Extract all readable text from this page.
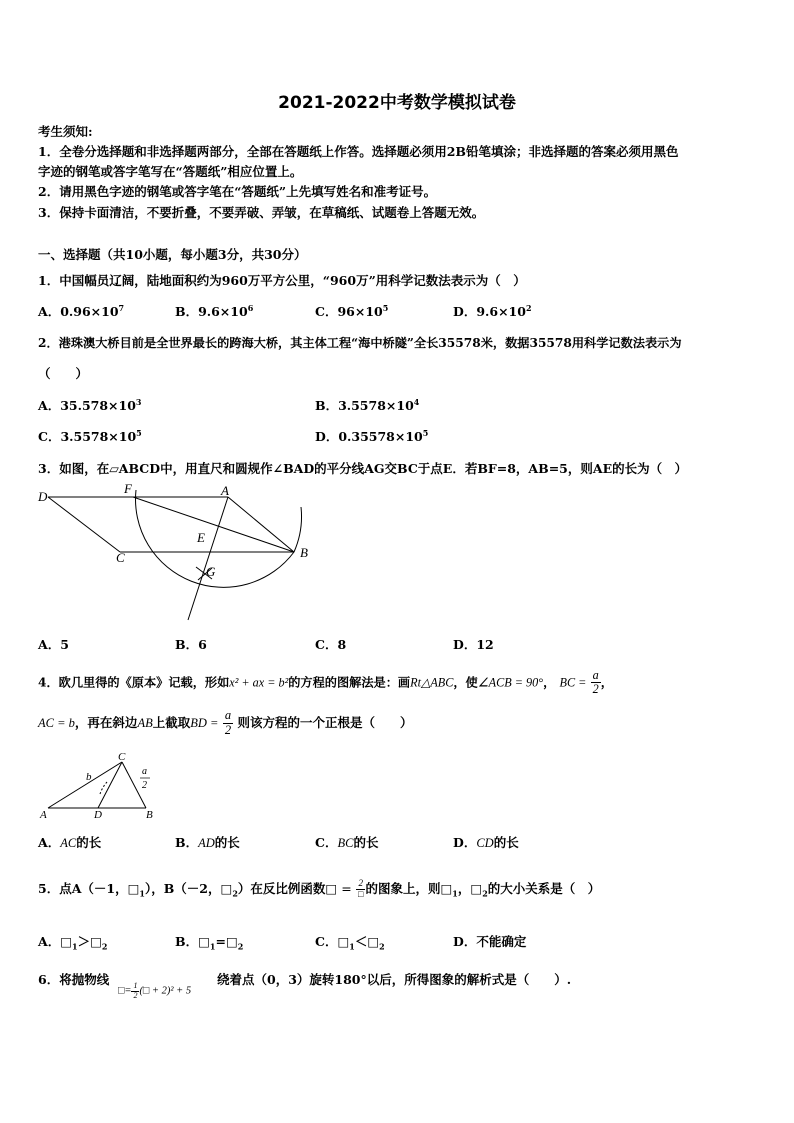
2021-2022中考数学模拟试卷
考生须知:
1．全卷分选择题和非选择题两部分，全部在答题纸上作答。选择题必须用2B铅笔填涂；非选择题的答案必须用黑色
字迹的钢笔或答字笔写在“答题纸”相应位置上。
2．请用黑色字迹的钢笔或答字笔在“答题纸”上先填写姓名和准考证号。
3．保持卡面清洁，不要折叠，不要弄破、弄皱，在草稿纸、试题卷上答题无效。
一、选择题（共10小题，每小题3分，共30分）
1．中国幅员辽阔，陆地面积约为960万平方公里，“960万”用科学记数法表示为（　）
A．$0.96\times 10^7$	B．$9.6\times 10^6$	C．$96\times 10^5$	D．$9.6\times 10^2$
2．港珠澳大桥目前是全世界最长的跨海大桥，其主体工程“海中桥隧”全长35578米，数据35578用科学记数法表示为
（　　）
A．$35.578\times 10^3$	B．$3.5578\times 10^4$
C．$3.5578\times 10^5$	D．$0.35578\times 10^5$
3．如图，在▱ABCD中，用直尺和圆规作∠BAD的平分线AG交BC于点E．若BF=8，AB=5，则AE的长为（　）
D
F	A
E
B
C
G
A．5	B．6	C．8	D．12
4．欧几里得的《原本》记载，形如x² + ax = b²的方程的图解法是：画Rt△ABC，使∠ACB = 90°， BC = $\frac{a}{2}$ ，
AC = b，再在斜边AB上截取BD = $\frac{a}{2}$ 则该方程的一个正根是（　　）
C
a
2
b
A	D	B
A．AC的长	B．AD的长	C．BC的长	D．CD的长
5．点A（－1，$□_1$），B（－2，$□_2$）在反比例函数□ = $\frac{2}{□}$ 的图象上，则$□_1$，$□_2$的大小关系是（　）
A．$□_1>□_2$	B．$□_1=□_2$	C．$□_1<□_2$	D．不能确定
6．将抛物线
□= $\frac{1}{2}$ (□ + 2)² + 5
绕着点（0，3）旋转180°以后，所得图象的解析式是（　　）.
